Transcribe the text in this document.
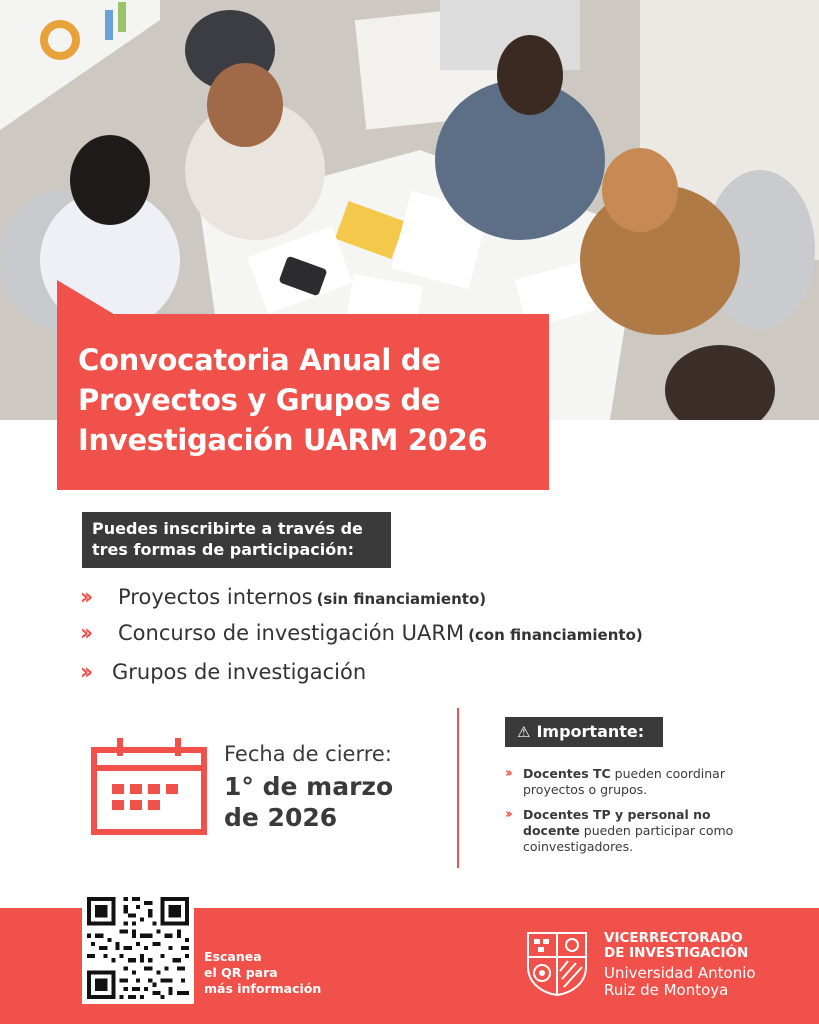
Convocatoria Anual de
Proyectos y Grupos de
Investigación UARM 2026
Puedes inscribirte a través de
tres formas de participación:
››	Proyectos internos (sin financiamiento)
››	Concurso de investigación UARM (con financiamiento)
››	Grupos de investigación
Fecha de cierre:
1° de marzo
de 2026
⚠ Importante:
››	Docentes TC pueden coordinar proyectos o grupos.
››	Docentes TP y personal no docente pueden participar como coinvestigadores.
Escanea
el QR para
más información
VICERRECTORADO
DE INVESTIGACIÓN
Universidad Antonio
Ruiz de Montoya
